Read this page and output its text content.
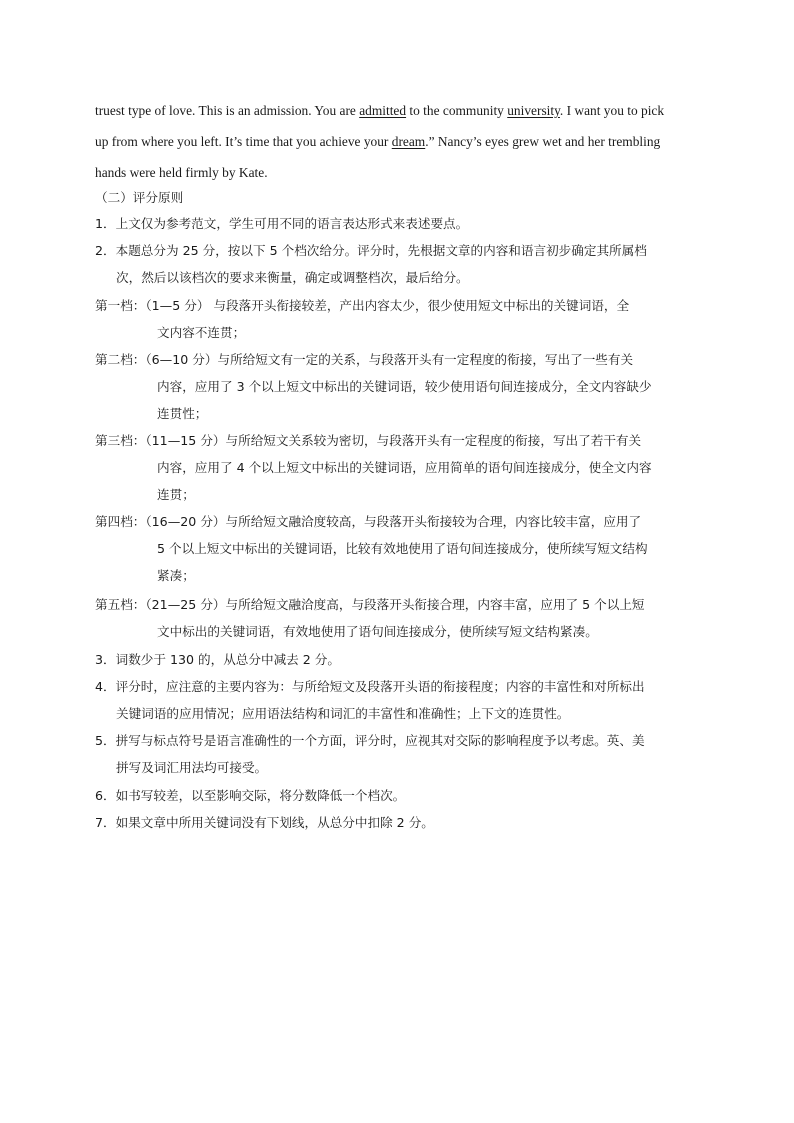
truest type of love. This is an admission. You are admitted to the community university. I want you to pick
up from where you left. It’s time that you achieve your dream.” Nancy’s eyes grew wet and her trembling
hands were held firmly by Kate.
（二）评分原则
1．上文仅为参考范文，学生可用不同的语言表达形式来表述要点。
2．本题总分为 25 分，按以下 5 个档次给分。评分时，先根据文章的内容和语言初步确定其所属档
次，然后以该档次的要求来衡量，确定或调整档次，最后给分。
第一档：（1—5 分） 与段落开头衔接较差，产出内容太少，很少使用短文中标出的关键词语，全
文内容不连贯；
第二档：（6—10 分）与所给短文有一定的关系，与段落开头有一定程度的衔接，写出了一些有关
内容，应用了 3 个以上短文中标出的关键词语，较少使用语句间连接成分，全文内容缺少
连贯性；
第三档：（11—15 分）与所给短文关系较为密切，与段落开头有一定程度的衔接，写出了若干有关
内容，应用了 4 个以上短文中标出的关键词语，应用简单的语句间连接成分，使全文内容
连贯；
第四档：（16—20 分）与所给短文融洽度较高，与段落开头衔接较为合理，内容比较丰富，应用了
5 个以上短文中标出的关键词语，比较有效地使用了语句间连接成分，使所续写短文结构
紧凑；
第五档：（21—25 分）与所给短文融洽度高，与段落开头衔接合理，内容丰富，应用了 5 个以上短
文中标出的关键词语，有效地使用了语句间连接成分，使所续写短文结构紧凑。
3．词数少于 130 的，从总分中减去 2 分。
4．评分时，应注意的主要内容为：与所给短文及段落开头语的衔接程度；内容的丰富性和对所标出
关键词语的应用情况；应用语法结构和词汇的丰富性和准确性；上下文的连贯性。
5．拼写与标点符号是语言准确性的一个方面，评分时，应视其对交际的影响程度予以考虑。英、美
拼写及词汇用法均可接受。
6．如书写较差，以至影响交际，将分数降低一个档次。
7．如果文章中所用关键词没有下划线，从总分中扣除 2 分。
